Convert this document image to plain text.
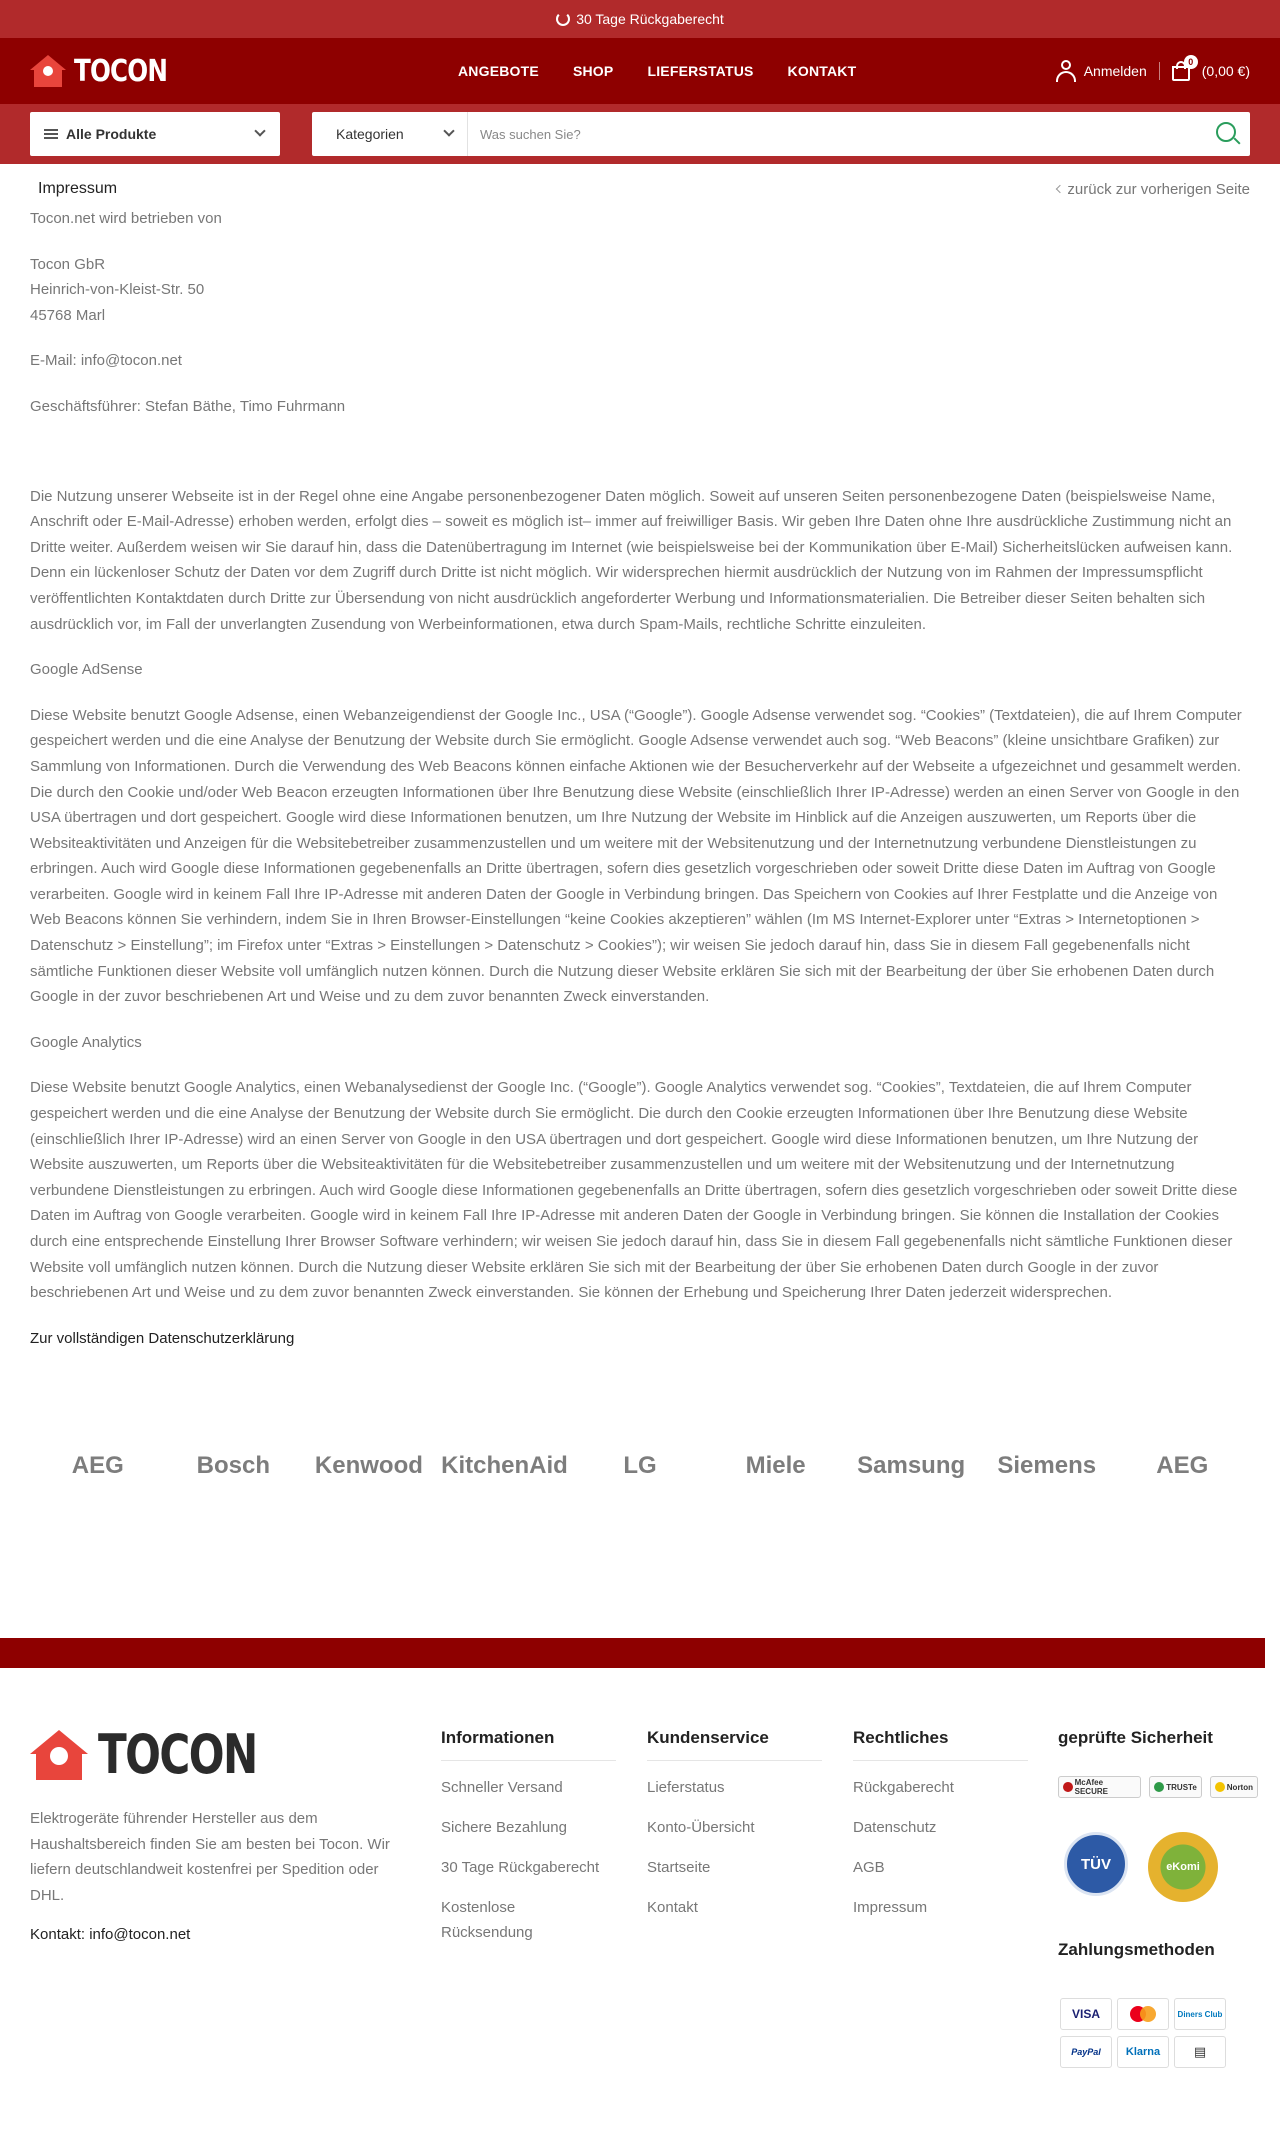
30 Tage Rückgaberecht
TOCON	ANGEBOTE SHOP LIEFERSTATUS KONTAKT	Anmelden
0
(0,00 €)
Alle Produkte	Kategorien
Was suchen Sie?
Impressum	zurück zur vorherigen Seite

Tocon.net wird betrieben von

Tocon GbR

Heinrich-von-Kleist-Str. 50

45768 Marl

E-Mail: info@tocon.net

Geschäftsführer: Stefan Bäthe, Timo Fuhrmann

Die Nutzung unserer Webseite ist in der Regel ohne eine Angabe personenbezogener Daten möglich. Soweit auf unseren Seiten personenbezogene Daten (beispielsweise Name, Anschrift oder E-Mail-Adresse) erhoben werden, erfolgt dies – soweit es möglich ist– immer auf freiwilliger Basis. Wir geben Ihre Daten ohne Ihre ausdrückliche Zustimmung nicht an Dritte weiter. Außerdem weisen wir Sie darauf hin, dass die Datenübertragung im Internet (wie beispielsweise bei der Kommunikation über E-Mail) Sicherheitslücken aufweisen kann. Denn ein lückenloser Schutz der Daten vor dem Zugriff durch Dritte ist nicht möglich. Wir widersprechen hiermit ausdrücklich der Nutzung von im Rahmen der Impressumspflicht veröffentlichten Kontaktdaten durch Dritte zur Übersendung von nicht ausdrücklich angeforderter Werbung und Informationsmaterialien. Die Betreiber dieser Seiten behalten sich ausdrücklich vor, im Fall der unverlangten Zusendung von Werbeinformationen, etwa durch Spam-Mails, rechtliche Schritte einzuleiten.

Google AdSense

Diese Website benutzt Google Adsense, einen Webanzeigendienst der Google Inc., USA (“Google”). Google Adsense verwendet sog. “Cookies” (Textdateien), die auf Ihrem Computer gespeichert werden und die eine Analyse der Benutzung der Website durch Sie ermöglicht. Google Adsense verwendet auch sog. “Web Beacons” (kleine unsichtbare Grafiken) zur Sammlung von Informationen. Durch die Verwendung des Web Beacons können einfache Aktionen wie der Besucherverkehr auf der Webseite a ufgezeichnet und gesammelt werden. Die durch den Cookie und/oder Web Beacon erzeugten Informationen über Ihre Benutzung diese Website (einschließlich Ihrer IP-Adresse) werden an einen Server von Google in den USA übertragen und dort gespeichert. Google wird diese Informationen benutzen, um Ihre Nutzung der Website im Hinblick auf die Anzeigen auszuwerten, um Reports über die Websiteaktivitäten und Anzeigen für die Websitebetreiber zusammenzustellen und um weitere mit der Websitenutzung und der Internetnutzung verbundene Dienstleistungen zu erbringen. Auch wird Google diese Informationen gegebenenfalls an Dritte übertragen, sofern dies gesetzlich vorgeschrieben oder soweit Dritte diese Daten im Auftrag von Google verarbeiten. Google wird in keinem Fall Ihre IP-Adresse mit anderen Daten der Google in Verbindung bringen. Das Speichern von Cookies auf Ihrer Festplatte und die Anzeige von Web Beacons können Sie verhindern, indem Sie in Ihren Browser-Einstellungen “keine Cookies akzeptieren” wählen (Im MS Internet-Explorer unter “Extras > Internetoptionen > Datenschutz > Einstellung”; im Firefox unter “Extras > Einstellungen > Datenschutz > Cookies”); wir weisen Sie jedoch darauf hin, dass Sie in diesem Fall gegebenenfalls nicht sämtliche Funktionen dieser Website voll umfänglich nutzen können. Durch die Nutzung dieser Website erklären Sie sich mit der Bearbeitung der über Sie erhobenen Daten durch Google in der zuvor beschriebenen Art und Weise und zu dem zuvor benannten Zweck einverstanden.

Google Analytics

Diese Website benutzt Google Analytics, einen Webanalysedienst der Google Inc. (“Google”). Google Analytics verwendet sog. “Cookies”, Textdateien, die auf Ihrem Computer gespeichert werden und die eine Analyse der Benutzung der Website durch Sie ermöglicht. Die durch den Cookie erzeugten Informationen über Ihre Benutzung diese Website (einschließlich Ihrer IP-Adresse) wird an einen Server von Google in den USA übertragen und dort gespeichert. Google wird diese Informationen benutzen, um Ihre Nutzung der Website auszuwerten, um Reports über die Websiteaktivitäten für die Websitebetreiber zusammenzustellen und um weitere mit der Websitenutzung und der Internetnutzung verbundene Dienstleistungen zu erbringen. Auch wird Google diese Informationen gegebenenfalls an Dritte übertragen, sofern dies gesetzlich vorgeschrieben oder soweit Dritte diese Daten im Auftrag von Google verarbeiten. Google wird in keinem Fall Ihre IP-Adresse mit anderen Daten der Google in Verbindung bringen. Sie können die Installation der Cookies durch eine entsprechende Einstellung Ihrer Browser Software verhindern; wir weisen Sie jedoch darauf hin, dass Sie in diesem Fall gegebenenfalls nicht sämtliche Funktionen dieser Website voll umfänglich nutzen können. Durch die Nutzung dieser Website erklären Sie sich mit der Bearbeitung der über Sie erhobenen Daten durch Google in der zuvor beschriebenen Art und Weise und zu dem zuvor benannten Zweck einverstanden. Sie können der Erhebung und Speicherung Ihrer Daten jederzeit widersprechen.

Zur vollständigen Datenschutzerklärung

AEG	Bosch	Kenwood KitchenAid	LG	Miele	Samsung	Siemens	AEG
TOCON

Elektrogeräte führender Hersteller aus dem Haushaltsbereich finden Sie am besten bei Tocon. Wir liefern deutschlandweit kostenfrei per Spedition oder DHL.

Kontakt: info@tocon.net

Informationen
Schneller Versand
Sichere Bezahlung
30 Tage Rückgaberecht
Kostenlose Rücksendung
Kundenservice
Lieferstatus
Konto-Übersicht
Startseite
Kontakt
Rechtliches
Rückgaberecht
Datenschutz
AGB
Impressum
geprüfte Sicherheit
McAfee SECURE	TRUSTe	Norton
TÜV	eKomi
Zahlungsmethoden
VISA	Diners Club
PayPal	Klarna	▤
